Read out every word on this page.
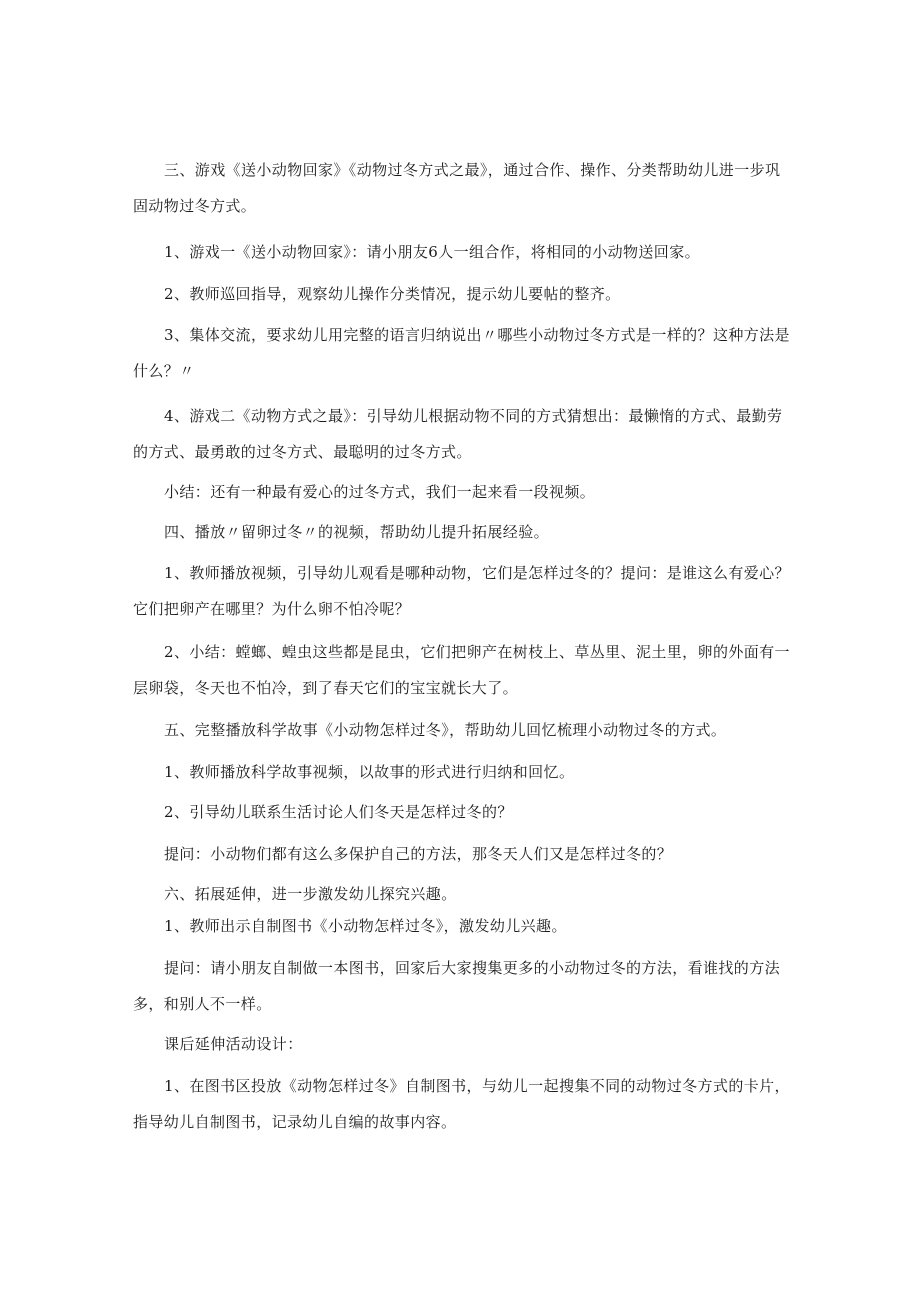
三、游戏《送小动物回家》《动物过冬方式之最》，通过合作、操作、分类帮助幼儿进一步巩固动物过冬方式。

1、游戏一《送小动物回家》：请小朋友6人一组合作，将相同的小动物送回家。

2、教师巡回指导，观察幼儿操作分类情况，提示幼儿要帖的整齐。

3、集体交流，要求幼儿用完整的语言归纳说出〃哪些小动物过冬方式是一样的？这种方法是什么？〃

4、游戏二《动物方式之最》：引导幼儿根据动物不同的方式猜想出：最懒惰的方式、最勤劳的方式、最勇敢的过冬方式、最聪明的过冬方式。

小结：还有一种最有爱心的过冬方式，我们一起来看一段视频。

四、播放〃留卵过冬〃的视频，帮助幼儿提升拓展经验。

1、教师播放视频，引导幼儿观看是哪种动物，它们是怎样过冬的？提问：是谁这么有爱心？它们把卵产在哪里？为什么卵不怕冷呢？

2、小结：螳螂、蝗虫这些都是昆虫，它们把卵产在树枝上、草丛里、泥土里，卵的外面有一层卵袋，冬天也不怕冷，到了春天它们的宝宝就长大了。

五、完整播放科学故事《小动物怎样过冬》，帮助幼儿回忆梳理小动物过冬的方式。

1、教师播放科学故事视频，以故事的形式进行归纳和回忆。

2、引导幼儿联系生活讨论人们冬天是怎样过冬的？

提问：小动物们都有这么多保护自己的方法，那冬天人们又是怎样过冬的？

六、拓展延伸，进一步激发幼儿探究兴趣。

1、教师出示自制图书《小动物怎样过冬》，激发幼儿兴趣。

提问：请小朋友自制做一本图书，回家后大家搜集更多的小动物过冬的方法，看谁找的方法多，和别人不一样。

课后延伸活动设计：

1、在图书区投放《动物怎样过冬》自制图书，与幼儿一起搜集不同的动物过冬方式的卡片，指导幼儿自制图书，记录幼儿自编的故事内容。
